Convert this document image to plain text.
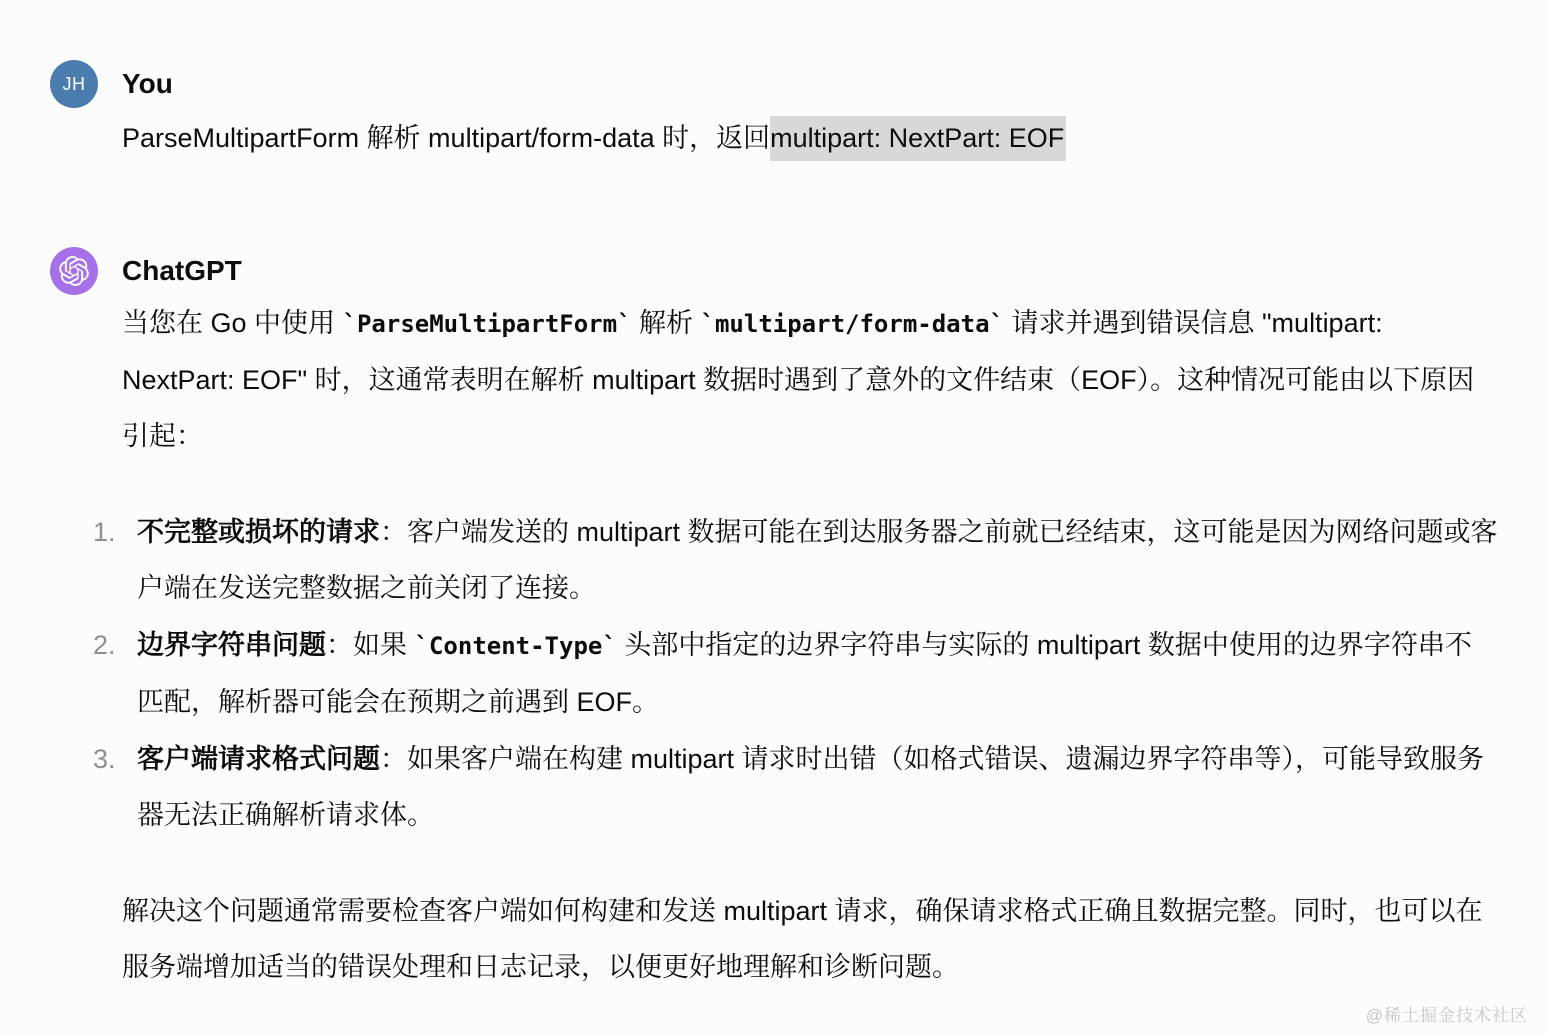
JH	You
ParseMultipartForm 解析 multipart/form-data 时，返回multipart: NextPart: EOF
ChatGPT
当您在 Go 中使用 `ParseMultipartForm` 解析 `multipart/form-data` 请求并遇到错误信息 "multipart: NextPart: EOF" 时，这通常表明在解析 multipart 数据时遇到了意外的文件结束（EOF）。这种情况可能由以下原因引起：
1. 不完整或损坏的请求：客户端发送的 multipart 数据可能在到达服务器之前就已经结束，这可能是因为网络问题或客户端在发送完整数据之前关闭了连接。
2. 边界字符串问题：如果 `Content-Type` 头部中指定的边界字符串与实际的 multipart 数据中使用的边界字符串不匹配，解析器可能会在预期之前遇到 EOF。
3. 客户端请求格式问题：如果客户端在构建 multipart 请求时出错（如格式错误、遗漏边界字符串等），可能导致服务器无法正确解析请求体。
解决这个问题通常需要检查客户端如何构建和发送 multipart 请求，确保请求格式正确且数据完整。同时，也可以在服务端增加适当的错误处理和日志记录，以便更好地理解和诊断问题。
@稀土掘金技术社区
